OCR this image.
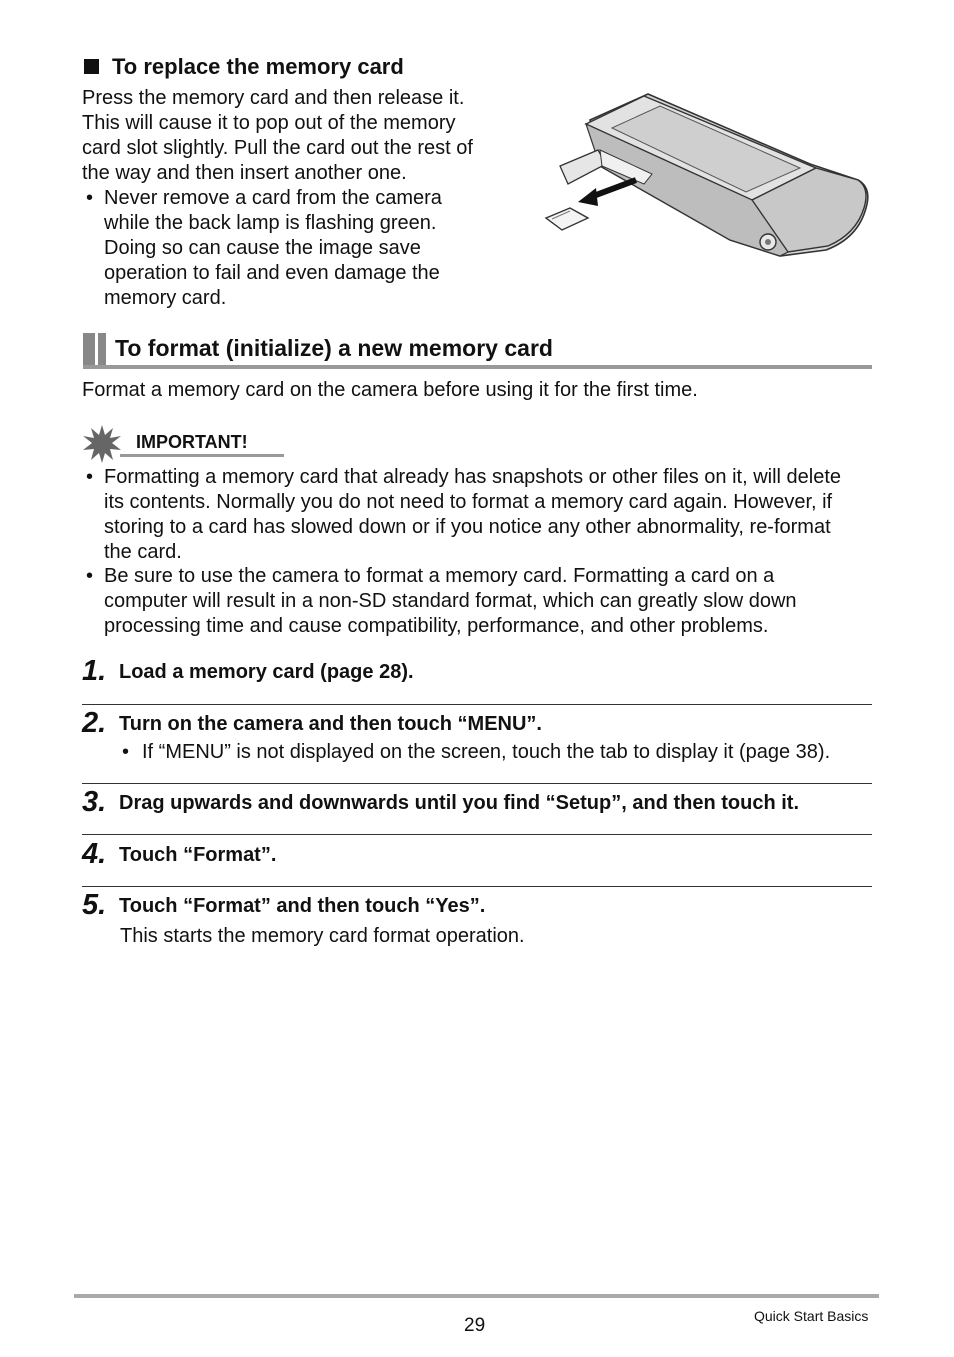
To replace the memory card
Press the memory card and then release it.
This will cause it to pop out of the memory
card slot slightly. Pull the card out the rest of
the way and then insert another one.
• Never remove a card from the camera
while the back lamp is flashing green.
Doing so can cause the image save
operation to fail and even damage the
memory card.
To format (initialize) a new memory card
Format a memory card on the camera before using it for the first time.
IMPORTANT!
• Formatting a memory card that already has snapshots or other files on it, will delete
its contents. Normally you do not need to format a memory card again. However, if
storing to a card has slowed down or if you notice any other abnormality, re-format
the card.
• Be sure to use the camera to format a memory card. Formatting a card on a
computer will result in a non-SD standard format, which can greatly slow down
processing time and cause compatibility, performance, and other problems.
1. Load a memory card (page 28).
2. Turn on the camera and then touch “MENU”.
• If “MENU” is not displayed on the screen, touch the tab to display it (page 38).
3. Drag upwards and downwards until you find “Setup”, and then touch it.
4. Touch “Format”.
5. Touch “Format” and then touch “Yes”.
This starts the memory card format operation.
29	Quick Start Basics
